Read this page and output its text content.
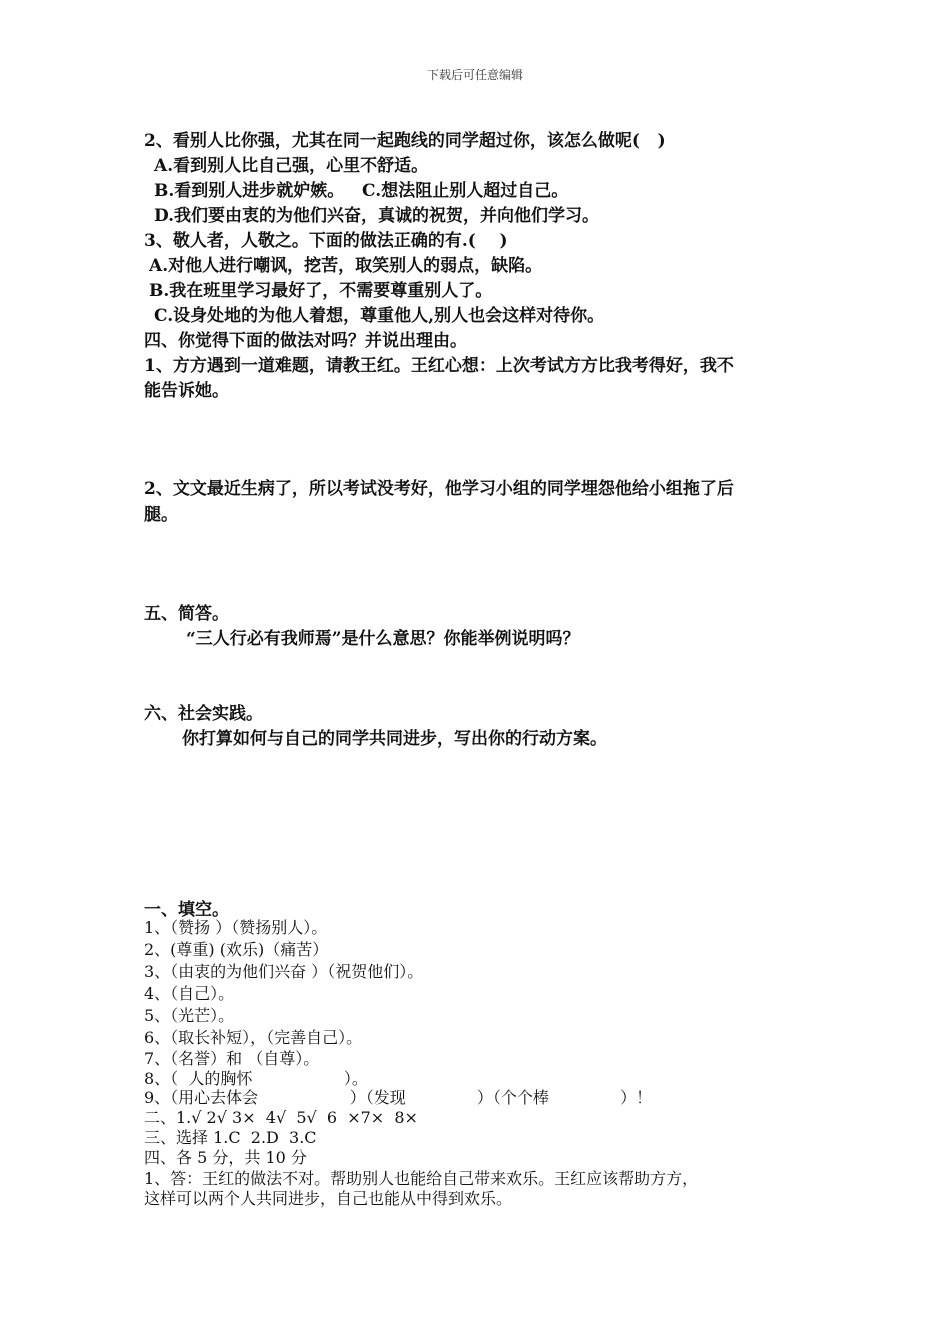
下载后可任意编辑
2、看别人比你强，尤其在同一起跑线的同学超过你，该怎么做呢(   )
A.看到别人比自己强，心里不舒适。
B.看到别人进步就妒嫉。   C.想法阻止别人超过自己。
D.我们要由衷的为他们兴奋，真诚的祝贺，并向他们学习。
3、敬人者，人敬之。下面的做法正确的有.(    )
A.对他人进行嘲讽，挖苦，取笑别人的弱点，缺陷。
B.我在班里学习最好了，不需要尊重别人了。
C.设身处地的为他人着想，尊重他人,别人也会这样对待你。
四、你觉得下面的做法对吗？并说出理由。
1、方方遇到一道难题，请教王红。王红心想：上次考试方方比我考得好，我不
能告诉她。
2、文文最近生病了，所以考试没考好，他学习小组的同学埋怨他给小组拖了后
腿。
五、简答。
“三人行必有我师焉”是什么意思？你能举例说明吗？
六、社会实践。
你打算如何与自己的同学共同进步，写出你的行动方案。
一、填空。
1、（赞扬 ）（赞扬别人）。
2、(尊重) (欢乐)（痛苦）
3、（由衷的为他们兴奋 ）（祝贺他们）。
4、（自己）。
5、（光芒）。
6、（取长补短），（完善自己）。
7、（名誉）和 （自尊）。
8、（  人的胸怀                  ）。
9、（用心去体会                  ）（发现              ）（个个棒              ）！
二、1.√ 2√ 3×  4√  5√  6  ×7×  8×
三、选择 1.C  2.D  3.C
四、各 5 分，共 10 分
1、答：王红的做法不对。帮助别人也能给自己带来欢乐。王红应该帮助方方，
这样可以两个人共同进步，自己也能从中得到欢乐。
